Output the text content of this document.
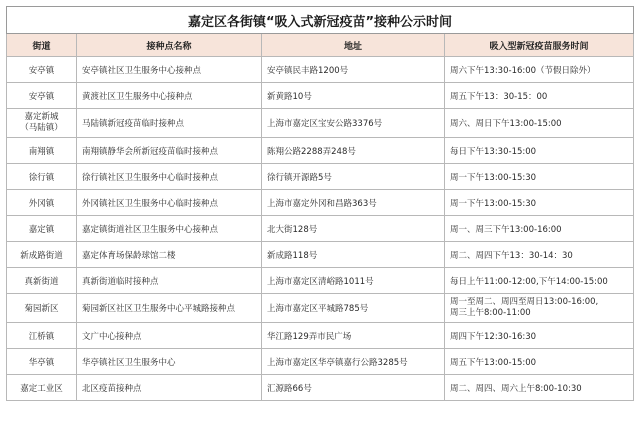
嘉定区各街镇“吸入式新冠疫苗”接种公示时间			
街道	接种点名称	地址	吸入型新冠疫苗服务时间
安亭镇	安亭镇社区卫生服务中心接种点	安亭镇民丰路1200号	周六下午13:30-16:00（节假日除外）
安亭镇	黄渡社区卫生服务中心接种点	新黄路10号	周五下午13：30-15：00

嘉定新城
（马陆镇）	马陆镇新冠疫苗临时接种点	上海市嘉定区宝安公路3376号	周六、周日下午13:00-15:00
南翔镇	南翔镇静华会所新冠疫苗临时接种点	陈翔公路2288弄248号	每日下午13:30-15:00
徐行镇	徐行镇社区卫生服务中心临时接种点	徐行镇开源路5号	周一下午13:00-15:30
外冈镇	外冈镇社区卫生服务中心临时接种点	上海市嘉定外冈和昌路363号	周一下午13:00-15:30
嘉定镇	嘉定镇街道社区卫生服务中心接种点	北大街128号	周一、周三下午13:00-16:00
新成路街道	嘉定体育场保龄球馆二楼	新成路118号	周二、周四下午13：30-14：30
真新街道	真新街道临时接种点	上海市嘉定区清峪路1011号	每日上午11:00-12:00,下午14:00-15:00
菊园新区	菊园新区社区卫生服务中心平城路接种点	上海市嘉定区平城路785号	周一至周二、周四至周日13:00-16:00,
周三上午8:00-11:00

江桥镇	文广中心接种点	华江路129弄市民广场	周四下午12:30-16:30
华亭镇	华亭镇社区卫生服务中心	上海市嘉定区华亭镇嘉行公路3285号	周五下午13:00-15:00
嘉定工业区	北区疫苗接种点	汇源路66号	周二、周四、周六上午8:00-10:30
